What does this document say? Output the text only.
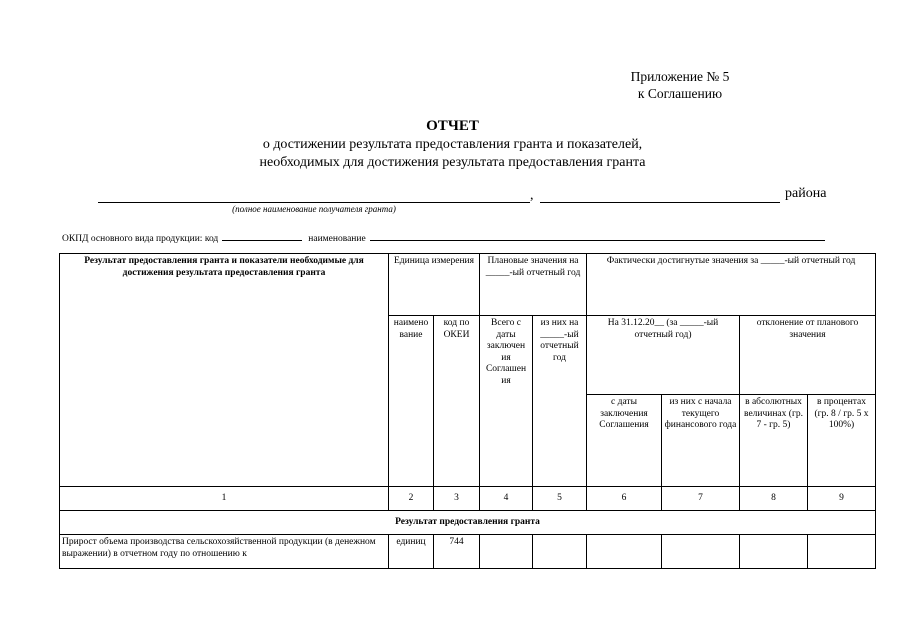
Приложение № 5
к Соглашению
ОТЧЕТ
о достижении результата предоставления гранта и показателей,
необходимых для достижения результата предоставления гранта
,	района
(полное наименование получателя гранта)
ОКПД основного вида продукции: код	наименование
Результат предоставления гранта и показатели необходимые для достижения результата предоставления гранта	Единица измерения		Плановые значения на _____-ый отчетный год		Фактически достигнутые значения за _____-ый отчетный год			
	наимено вание	код по ОКЕИ	Всего с даты заключен ия Соглашен ия	из них на _____-ый отчетный год	На 31.12.20__ (за _____-ый отчетный год)		отклонение от планового значения	
					с даты заключения Соглашения	из них с начала текущего финансового года	в абсолютных величинах (гр. 7 - гр. 5)	в процентах (гр. 8 / гр. 5 х 100%)
1	2	3	4	5	6	7	8	9
Результат предоставления гранта								
Прирост объема производства сельскохозяйственной продукции (в денежном выражении) в отчетном году по отношению к	единиц	744						
